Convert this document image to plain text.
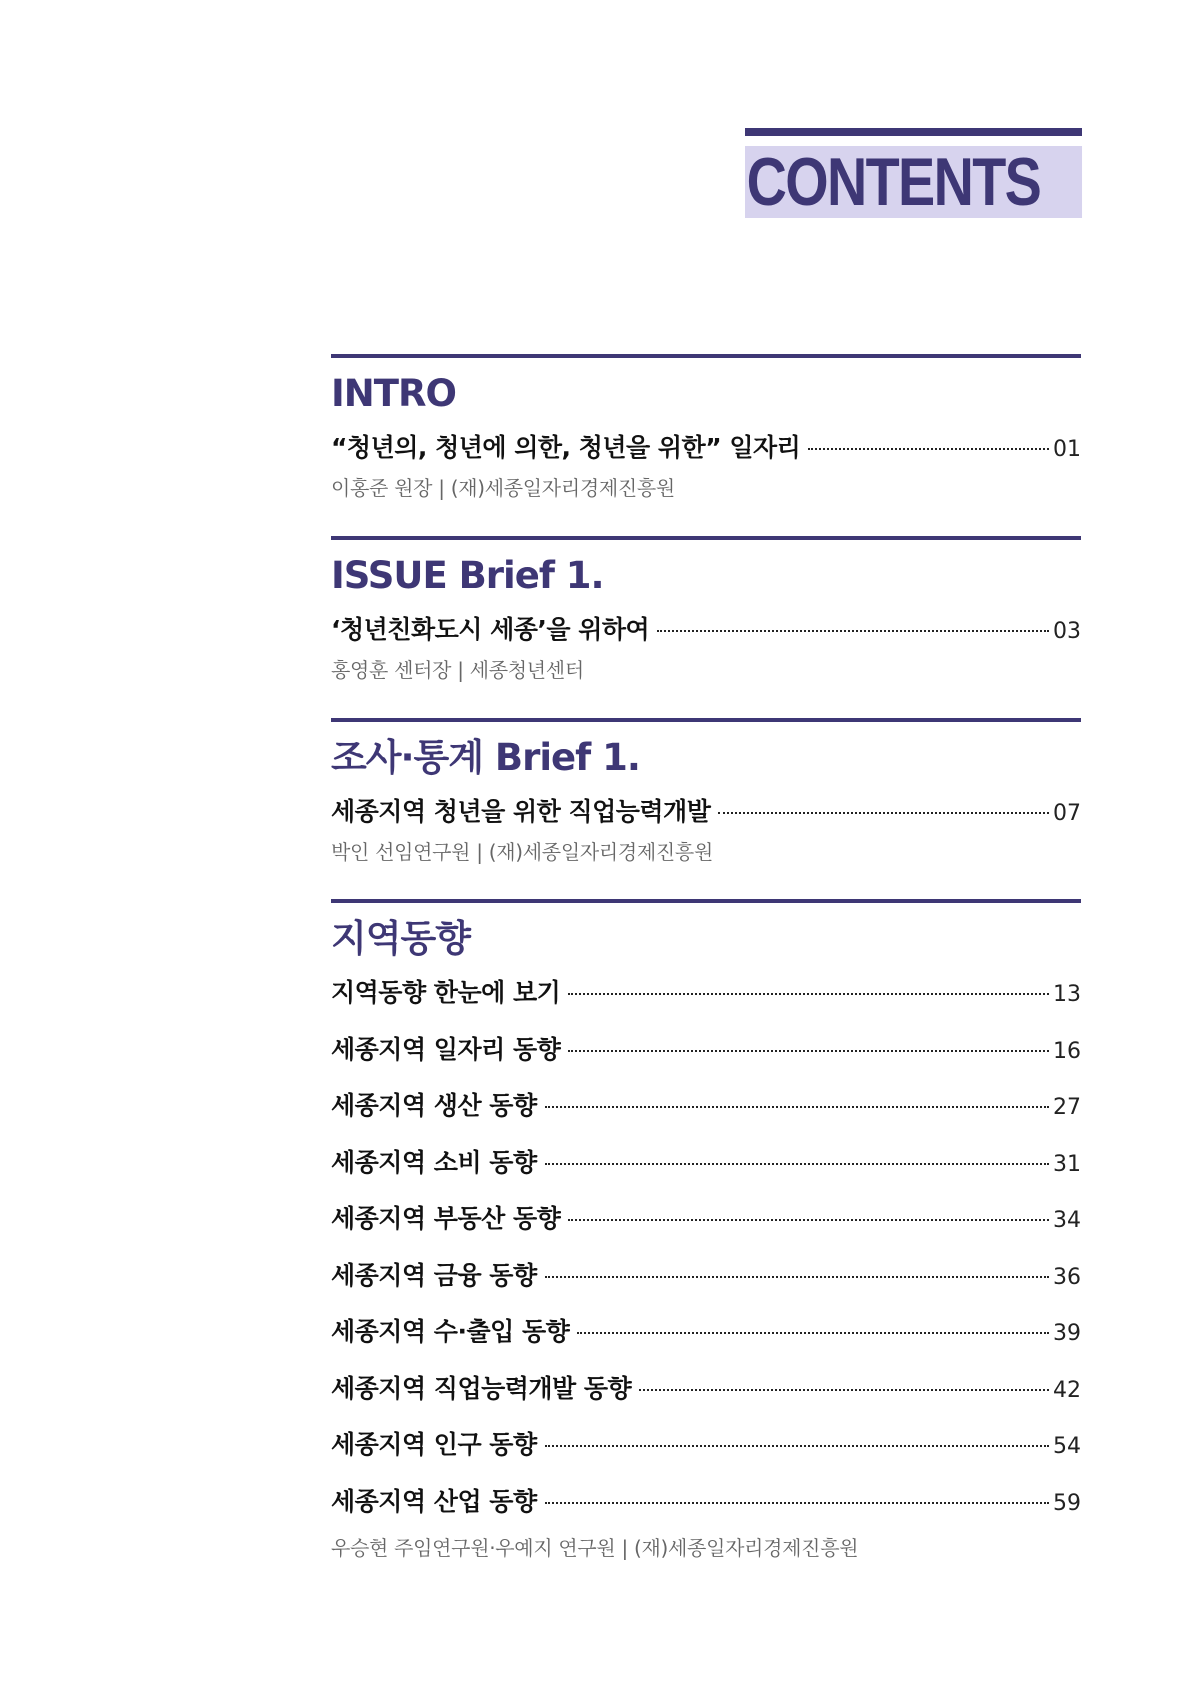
CONTENTS
INTRO
“청년의, 청년에 의한, 청년을 위한” 일자리	01
이홍준 원장 | (재)세종일자리경제진흥원
ISSUE Brief 1.
‘청년친화도시 세종’을 위하여	03
홍영훈 센터장 | 세종청년센터
조사·통계 Brief 1.
세종지역 청년을 위한 직업능력개발	07
박인 선임연구원 | (재)세종일자리경제진흥원
지역동향
지역동향 한눈에 보기	13
세종지역 일자리 동향	16
세종지역 생산 동향	27
세종지역 소비 동향	31
세종지역 부동산 동향	34
세종지역 금융 동향	36
세종지역 수·출입 동향	39
세종지역 직업능력개발 동향	42
세종지역 인구 동향	54
세종지역 산업 동향	59
우승현 주임연구원·우예지 연구원 | (재)세종일자리경제진흥원
